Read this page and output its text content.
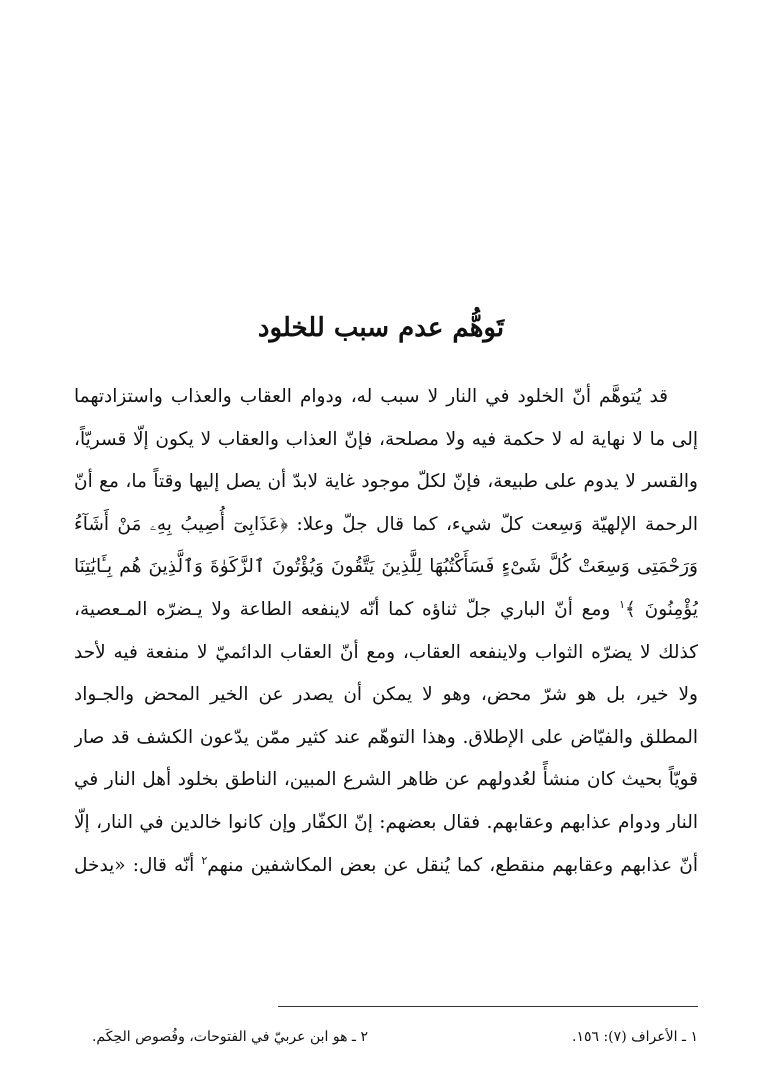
تَوهُّم عدم سبب للخلود
قد يُتوهَّم أنّ الخلود في النار لا سبب له، ودوام العقاب والعذاب واستزادتهما
إلى ما لا نهاية له لا حكمة فيه ولا مصلحة، فإنّ العذاب والعقاب لا يكون إلّا قسريّاً،
والقسر لا يدوم على طبيعة، فإنّ لكلّ موجود غاية لابدّ أن يصل إليها وقتاً ما، مع أنّ
الرحمة الإلهيّة وَسِعت كلّ شيء، كما قال جلّ وعلا: ﴿عَذَابِىٓ أُصِيبُ بِهِۦ مَنْ أَشَآءُ
وَرَحْمَتِى وَسِعَتْ كُلَّ شَىْءٍ فَسَأَكْتُبُهَا لِلَّذِينَ يَتَّقُونَ وَيُؤْتُونَ ٱلزَّكَوٰةَ وَٱلَّذِينَ هُم بِـَٔايَٰتِنَا
يُؤْمِنُونَ ﴾$^١$ ومع أنّ الباري جلّ ثناؤه كما أنّه لاينفعه الطاعة ولا يـضرّه المـعصية،
كذلك لا يضرّه الثواب ولاينفعه العقاب، ومع أنّ العقاب الدائميّ لا منفعة فيه لأحد
ولا خير، بل هو شرّ محض، وهو لا يمكن أن يصدر عن الخير المحض والجـواد
المطلق والفيّاض على الإطلاق. وهذا التوهّم عند كثير ممّن يدّعون الكشف قد صار
قويّاً بحيث كان منشأً لعُدولهم عن ظاهر الشرع المبين، الناطق بخلود أهل النار في
النار ودوام عذابهم وعقابهم. فقال بعضهم: إنّ الكفّار وإن كانوا خالدين في النار، إلّا
أنّ عذابهم وعقابهم منقطع، كما يُنقل عن بعض المكاشفين منهم$^٢$ أنّه قال: «يدخل
١ ـ الأعراف (٧): ١٥٦.
٢ ـ هو ابن عربيّ في الفتوحات، وفُصوص الحِكَم.
